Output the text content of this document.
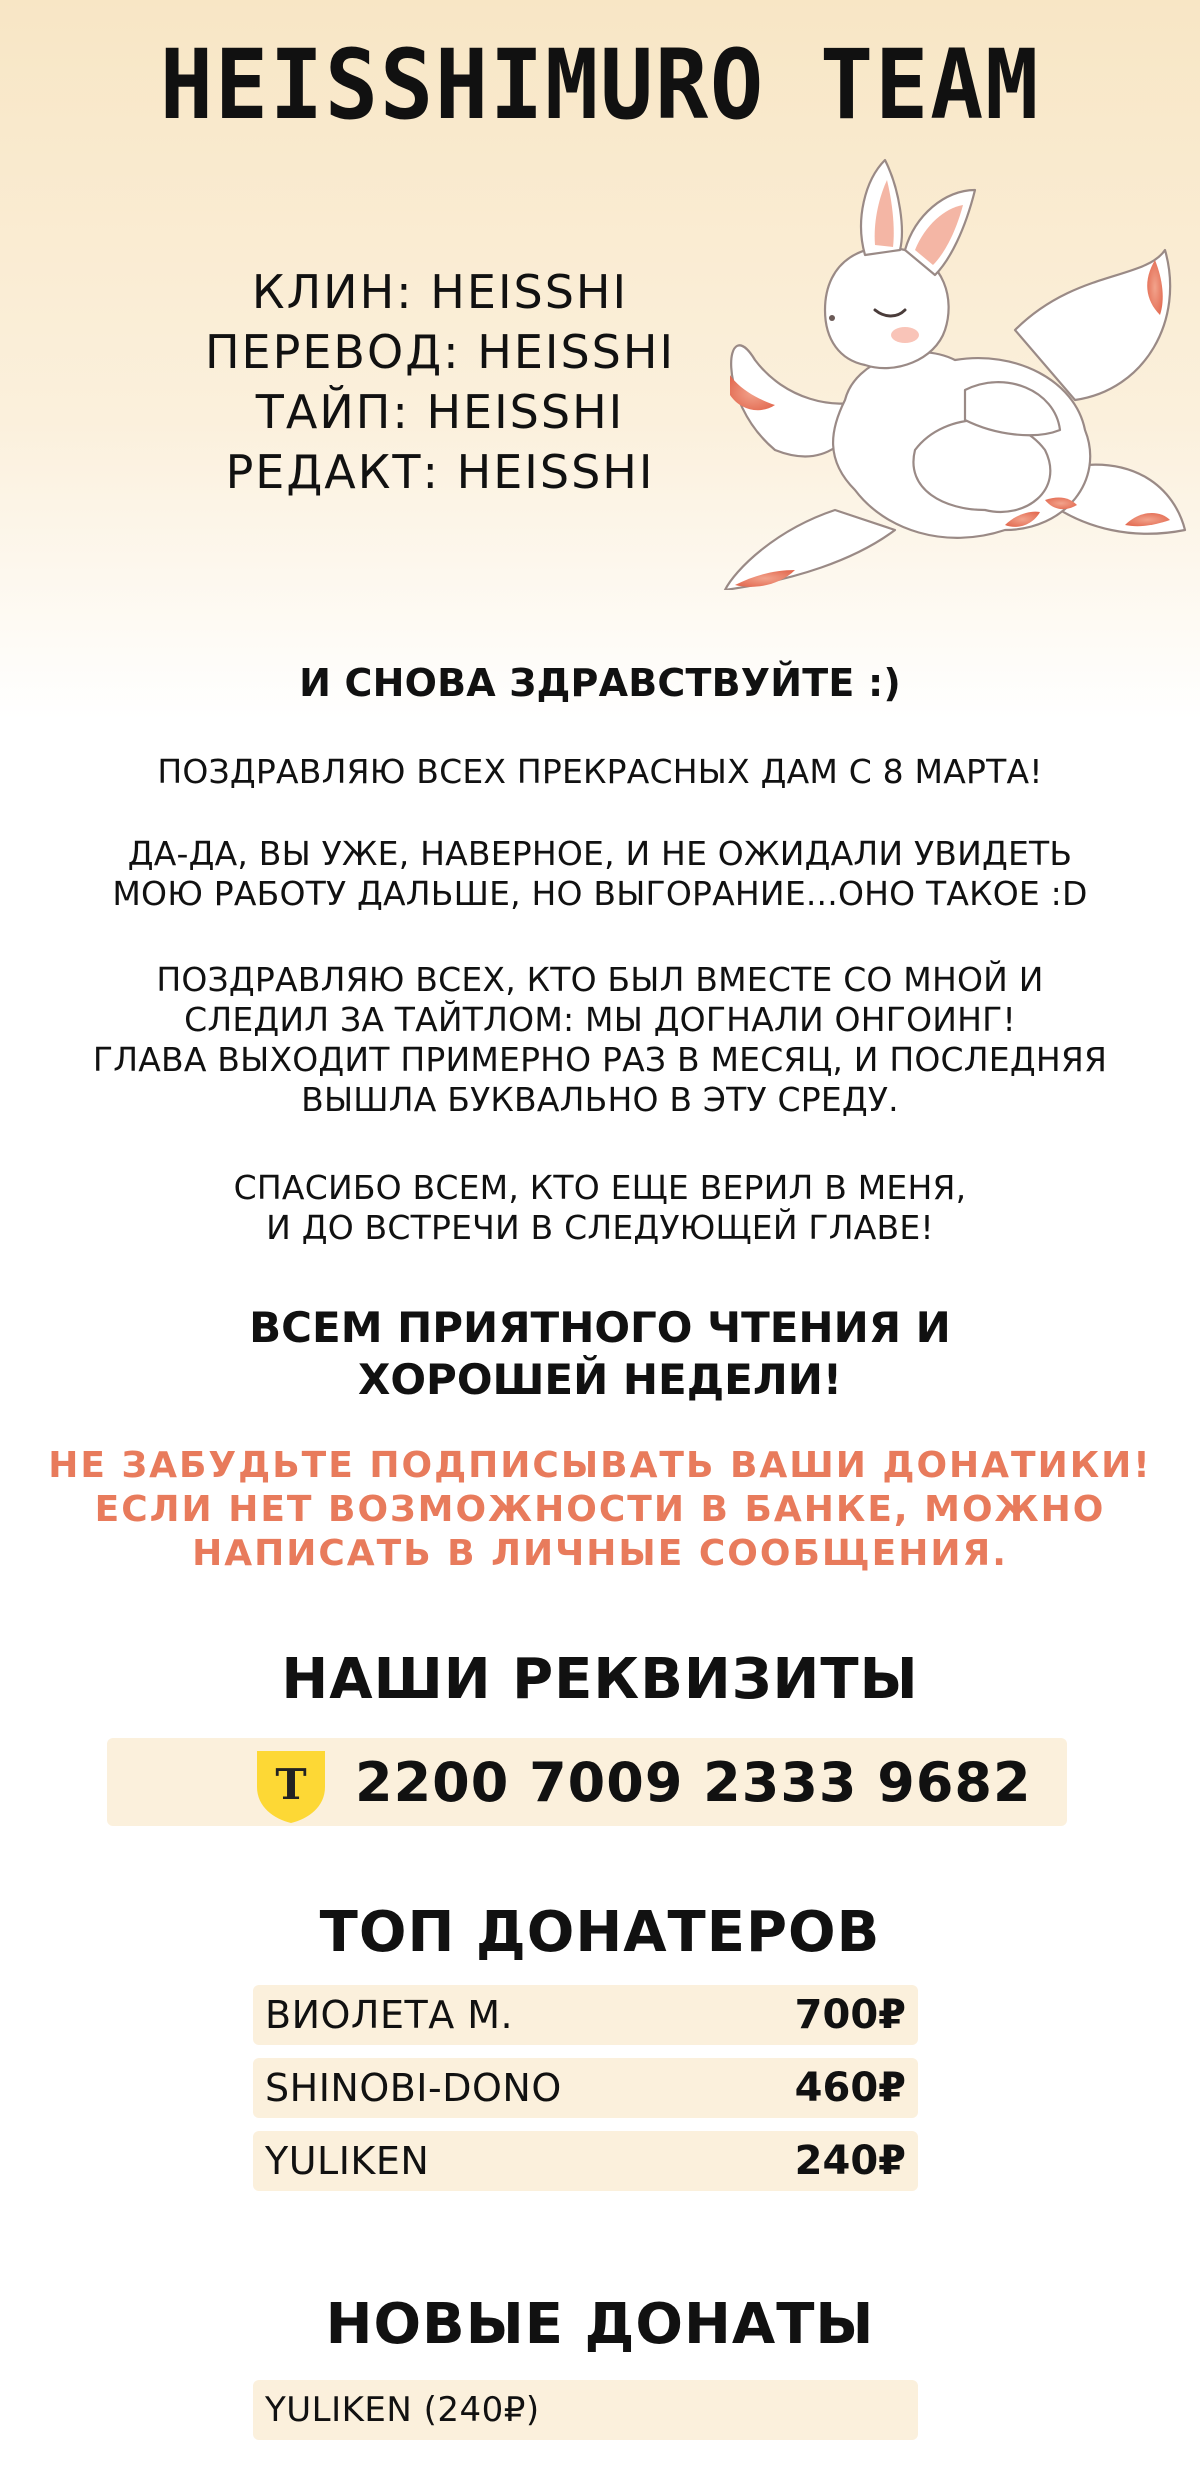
HEISSHIMURO TEAM
КЛИН: HEISSHI
ПЕРЕВОД: HEISSHI
ТАЙП: HEISSHI
РЕДАКТ: HEISSHI
И СНОВА ЗДРАВСТВУЙТЕ :)

ПОЗДРАВЛЯЮ ВСЕХ ПРЕКРАСНЫХ ДАМ С 8 МАРТА!

ДА-ДА, ВЫ УЖЕ, НАВЕРНОЕ, И НЕ ОЖИДАЛИ УВИДЕТЬ

МОЮ РАБОТУ ДАЛЬШЕ, НО ВЫГОРАНИЕ...ОНО ТАКОЕ :D

ПОЗДРАВЛЯЮ ВСЕХ, КТО БЫЛ ВМЕСТЕ СО МНОЙ И

СЛЕДИЛ ЗА ТАЙТЛОМ: МЫ ДОГНАЛИ ОНГОИНГ!

ГЛАВА ВЫХОДИТ ПРИМЕРНО РАЗ В МЕСЯЦ, И ПОСЛЕДНЯЯ

ВЫШЛА БУКВАЛЬНО В ЭТУ СРЕДУ.

СПАСИБО ВСЕМ, КТО ЕЩЕ ВЕРИЛ В МЕНЯ,

И ДО ВСТРЕЧИ В СЛЕДУЮЩЕЙ ГЛАВЕ!

ВСЕМ ПРИЯТНОГО ЧТЕНИЯ И
ХОРОШЕЙ НЕДЕЛИ!
НЕ ЗАБУДЬТЕ ПОДПИСЫВАТЬ ВАШИ ДОНАТИКИ!
ЕСЛИ НЕТ ВОЗМОЖНОСТИ В БАНКЕ, МОЖНО
НАПИСАТЬ В ЛИЧНЫЕ СООБЩЕНИЯ.
НАШИ РЕКВИЗИТЫ
T 2200 7009 2333 9682
ТОП ДОНАТЕРОВ
ВИОЛЕТА М.	700₽
SHINOBI-DONO	460₽
YULIKEN	240₽
НОВЫЕ ДОНАТЫ
YULIKEN (240₽)
